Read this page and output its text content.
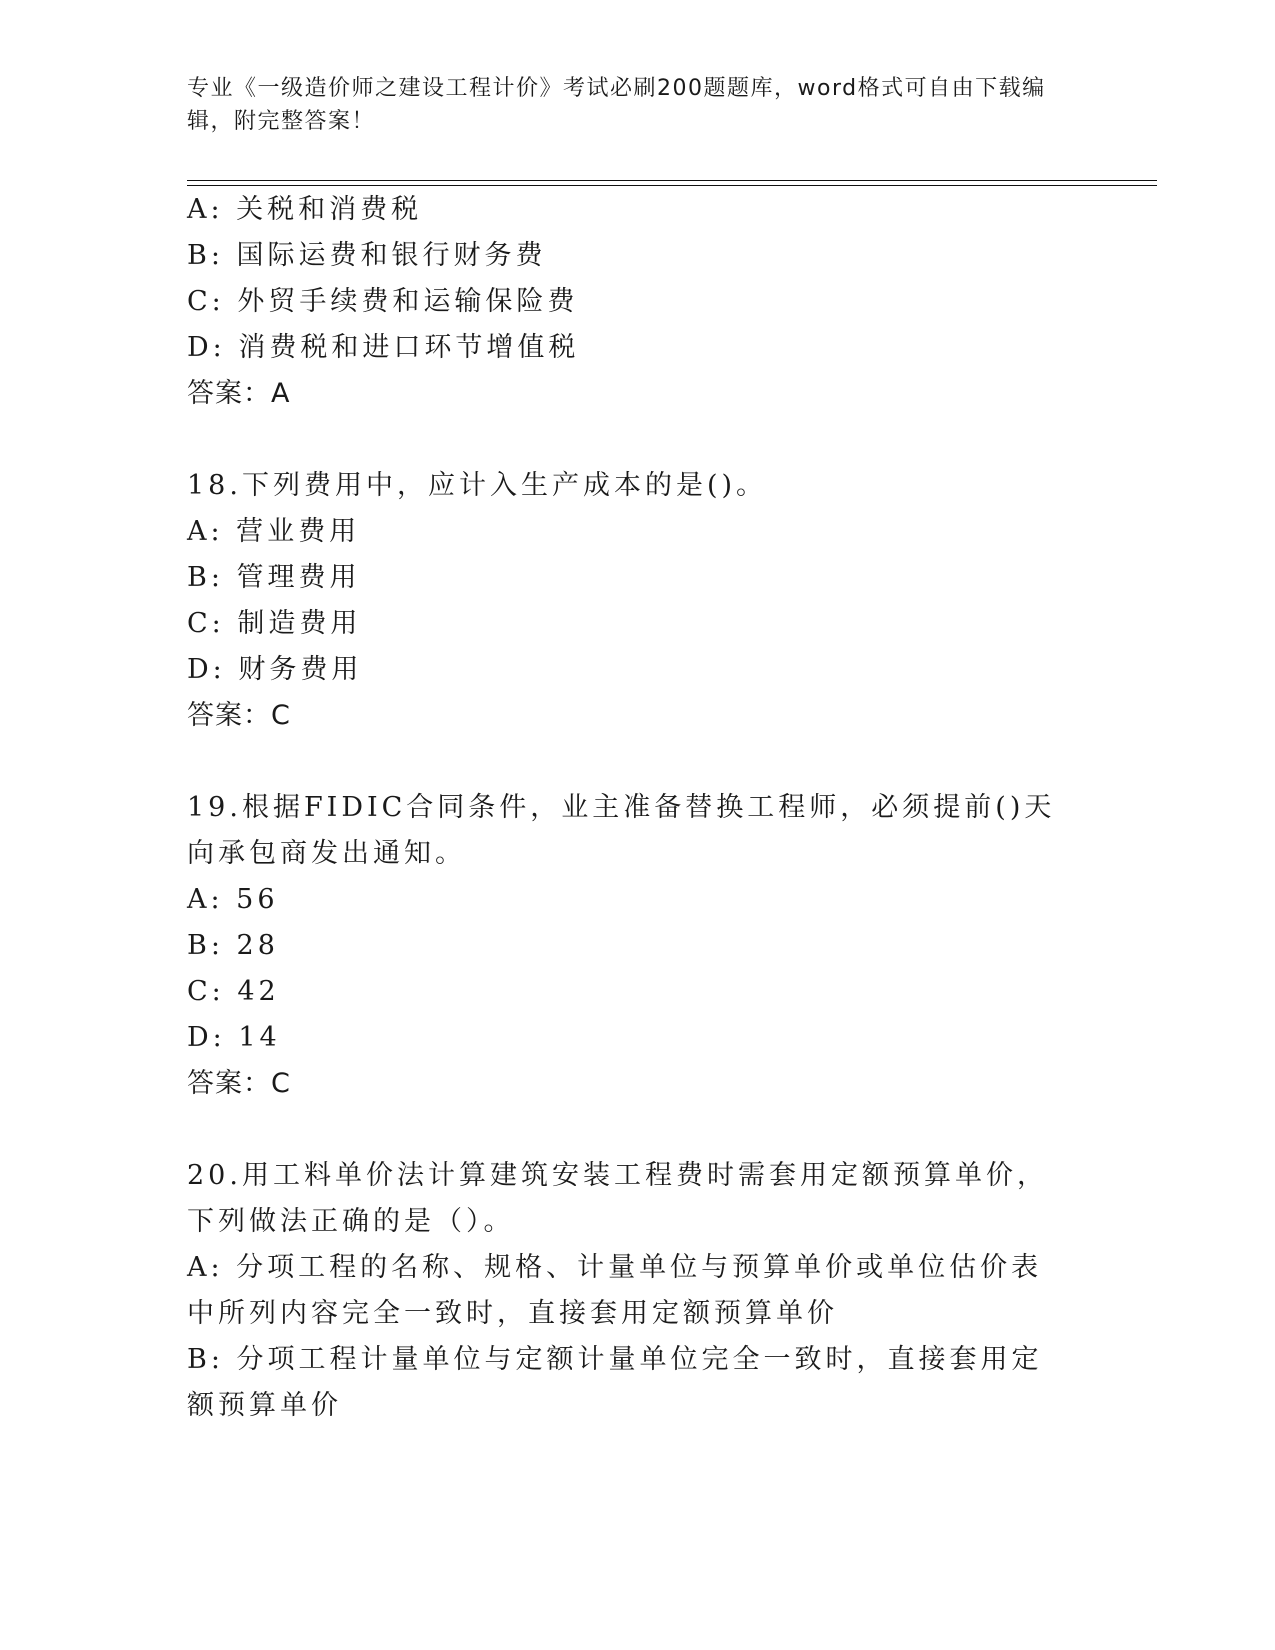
专业《一级造价师之建设工程计价》考试必刷200题题库，word格式可自由下载编辑，附完整答案！
A: 关税和消费税
B: 国际运费和银行财务费
C: 外贸手续费和运输保险费
D: 消费税和进口环节增值税
答案：A
18.下列费用中，应计入生产成本的是()。
A: 营业费用
B: 管理费用
C: 制造费用
D: 财务费用
答案：C
19.根据FIDIC合同条件，业主准备替换工程师，必须提前()天向承包商发出通知。
A: 56
B: 28
C: 42
D: 14
答案：C
20.用工料单价法计算建筑安装工程费时需套用定额预算单价，下列做法正确的是（）。
A: 分项工程的名称、规格、计量单位与预算单价或单位估价表中所列内容完全一致时，直接套用定额预算单价
B: 分项工程计量单位与定额计量单位完全一致时，直接套用定额预算单价
